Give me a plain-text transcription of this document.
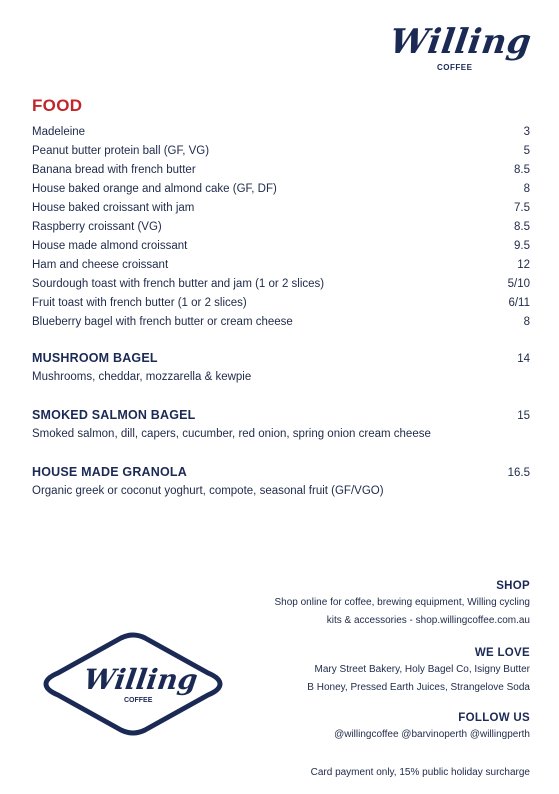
Willing
COFFEE
FOOD
Madeleine	3
Peanut butter protein ball (GF, VG)	5
Banana bread with french butter	8.5
House baked orange and almond cake (GF, DF)	8
House baked croissant with jam	7.5
Raspberry croissant (VG)	8.5
House made almond croissant	9.5
Ham and cheese croissant	12
Sourdough toast with french butter and jam (1 or 2 slices)	5/10
Fruit toast with french butter (1 or 2 slices)	6/11
Blueberry bagel with french butter or cream cheese	8
MUSHROOM BAGEL	14
Mushrooms, cheddar, mozzarella & kewpie
SMOKED SALMON BAGEL	15
Smoked salmon, dill, capers, cucumber, red onion, spring onion cream cheese
HOUSE MADE GRANOLA	16.5
Organic greek or coconut yoghurt, compote, seasonal fruit (GF/VGO)
Willing
COFFEE
SHOP
Shop online for coffee, brewing equipment, Willing cycling
kits & accessories - shop.willingcoffee.com.au
WE LOVE
Mary Street Bakery, Holy Bagel Co, Isigny Butter
B Honey, Pressed Earth Juices, Strangelove Soda
FOLLOW US
@willingcoffee @barvinoperth @willingperth
Card payment only, 15% public holiday surcharge
